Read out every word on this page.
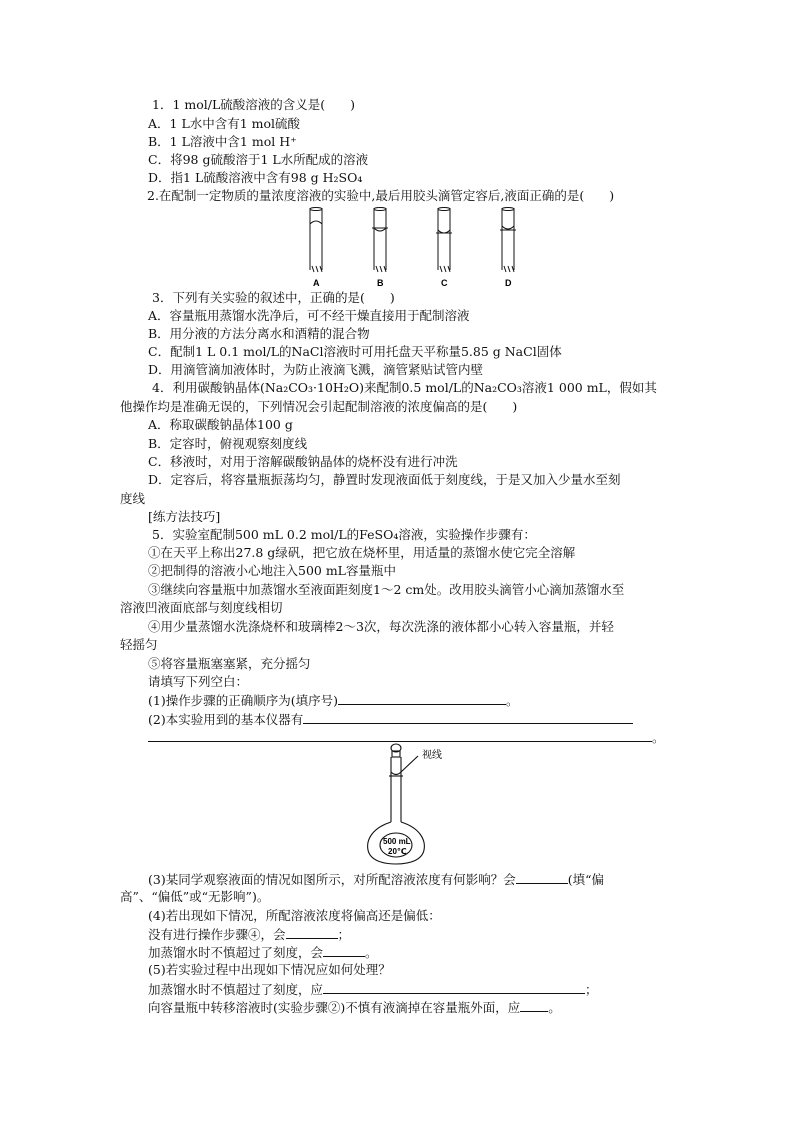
1．1 mol/L硫酸溶液的含义是(　　)
A．1 L水中含有1 mol硫酸
B．1 L溶液中含1 mol H⁺
C．将98 g硫酸溶于1 L水所配成的溶液
D．指1 L硫酸溶液中含有98 g H₂SO₄
2.在配制一定物质的量浓度溶液的实验中,最后用胶头滴管定容后,液面正确的是(　　)
A	B	C	D
3．下列有关实验的叙述中，正确的是(　　)
A．容量瓶用蒸馏水洗净后，可不经干燥直接用于配制溶液
B．用分液的方法分离水和酒精的混合物
C．配制1 L 0.1 mol/L的NaCl溶液时可用托盘天平称量5.85 g NaCl固体
D．用滴管滴加液体时，为防止液滴飞溅，滴管紧贴试管内壁
4．利用碳酸钠晶体(Na₂CO₃·10H₂O)来配制0.5 mol/L的Na₂CO₃溶液1 000 mL，假如其
他操作均是准确无误的，下列情况会引起配制溶液的浓度偏高的是(　　)
A．称取碳酸钠晶体100 g
B．定容时，俯视观察刻度线
C．移液时，对用于溶解碳酸钠晶体的烧杯没有进行冲洗
D．定容后，将容量瓶振荡均匀，静置时发现液面低于刻度线，于是又加入少量水至刻
度线
[练方法技巧]
5．实验室配制500 mL 0.2 mol/L的FeSO₄溶液，实验操作步骤有：
①在天平上称出27.8 g绿矾，把它放在烧杯里，用适量的蒸馏水使它完全溶解
②把制得的溶液小心地注入500 mL容量瓶中
③继续向容量瓶中加蒸馏水至液面距刻度1～2 cm处。改用胶头滴管小心滴加蒸馏水至
溶液凹液面底部与刻度线相切
④用少量蒸馏水洗涤烧杯和玻璃棒2～3次，每次洗涤的液体都小心转入容量瓶，并轻
轻摇匀
⑤将容量瓶塞塞紧，充分摇匀
请填写下列空白：
(1)操作步骤的正确顺序为(填序号)	。
(2)本实验用到的基本仪器有
。
视线
500 mL
20℃
(3)某同学观察液面的情况如图所示，对所配溶液浓度有何影响？会	(填“偏
高”、“偏低”或“无影响”)。
(4)若出现如下情况，所配溶液浓度将偏高还是偏低：
没有进行操作步骤④，会	；
加蒸馏水时不慎超过了刻度，会	。
(5)若实验过程中出现如下情况应如何处理？
加蒸馏水时不慎超过了刻度，应	；
向容量瓶中转移溶液时(实验步骤②)不慎有液滴掉在容量瓶外面，应 。
